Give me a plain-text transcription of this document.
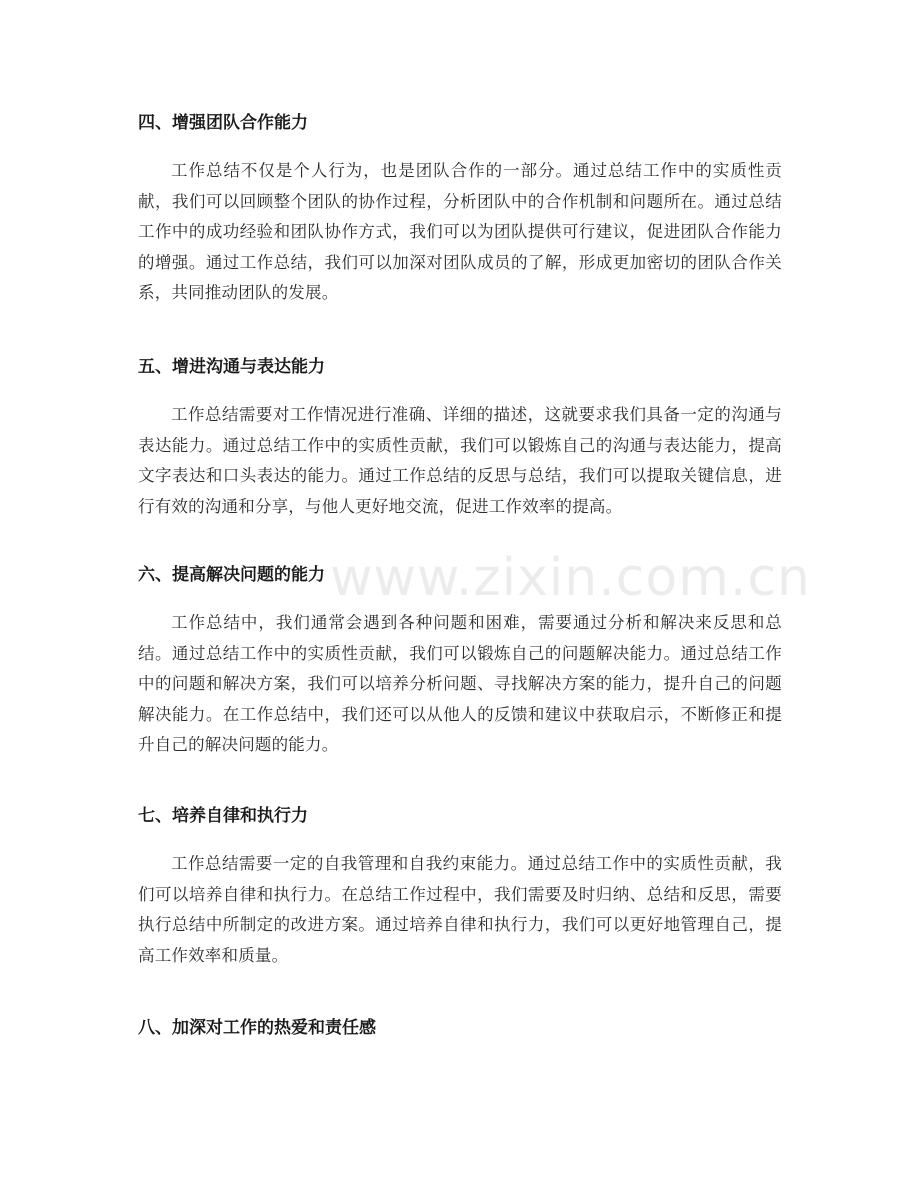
四、增强团队合作能力

工作总结不仅是个人行为，也是团队合作的一部分。通过总结工作中的实质性贡献，我们可以回顾整个团队的协作过程，分析团队中的合作机制和问题所在。通过总结工作中的成功经验和团队协作方式，我们可以为团队提供可行建议，促进团队合作能力的增强。通过工作总结，我们可以加深对团队成员的了解，形成更加密切的团队合作关系，共同推动团队的发展。

五、增进沟通与表达能力

工作总结需要对工作情况进行准确、详细的描述，这就要求我们具备一定的沟通与表达能力。通过总结工作中的实质性贡献，我们可以锻炼自己的沟通与表达能力，提高文字表达和口头表达的能力。通过工作总结的反思与总结，我们可以提取关键信息，进行有效的沟通和分享，与他人更好地交流，促进工作效率的提高。

六、提高解决问题的能力

工作总结中，我们通常会遇到各种问题和困难，需要通过分析和解决来反思和总结。通过总结工作中的实质性贡献，我们可以锻炼自己的问题解决能力。通过总结工作中的问题和解决方案，我们可以培养分析问题、寻找解决方案的能力，提升自己的问题解决能力。在工作总结中，我们还可以从他人的反馈和建议中获取启示，不断修正和提升自己的解决问题的能力。

七、培养自律和执行力

工作总结需要一定的自我管理和自我约束能力。通过总结工作中的实质性贡献，我们可以培养自律和执行力。在总结工作过程中，我们需要及时归纳、总结和反思，需要执行总结中所制定的改进方案。通过培养自律和执行力，我们可以更好地管理自己，提高工作效率和质量。

八、加深对工作的热爱和责任感

www.zixin.com.cn
